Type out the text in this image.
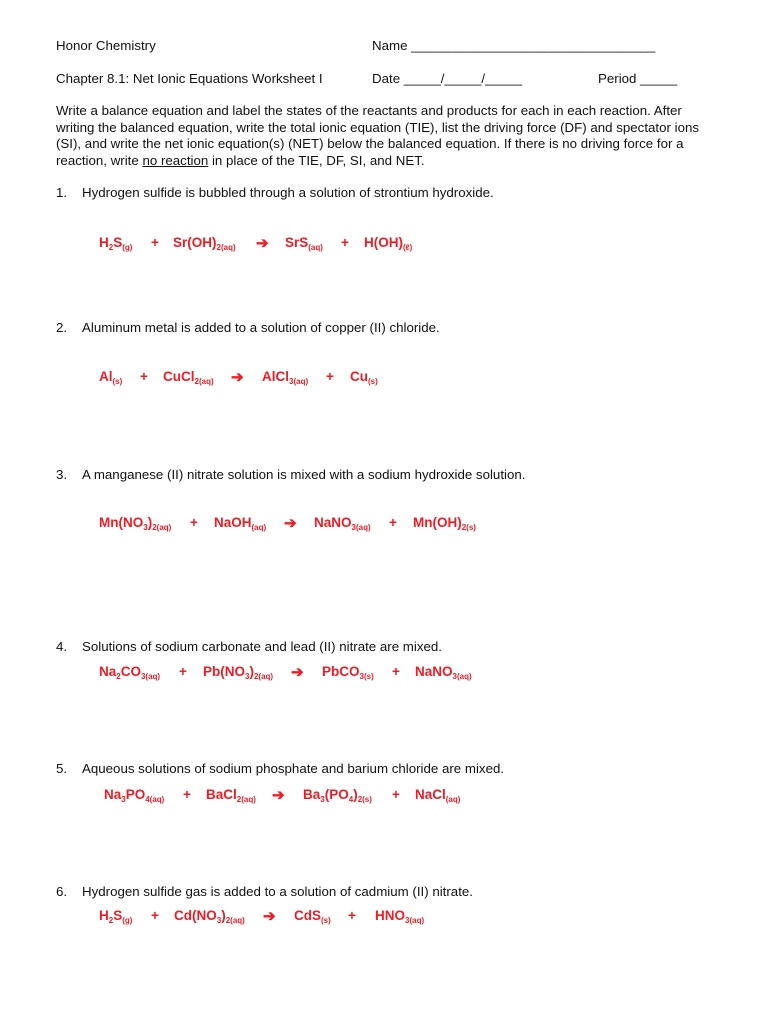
Honor Chemistry	Name _________________________________
Chapter 8.1: Net Ionic Equations Worksheet I	Date _____/_____/_____	Period _____
Write a balance equation and label the states of the reactants and products for each in each reaction. After writing the balanced equation, write the total ionic equation (TIE), list the driving force (DF) and spectator ions (SI), and write the net ionic equation(s) (NET) below the balanced equation. If there is no driving force for a reaction, write no reaction in place of the TIE, DF, SI, and NET.
1. Hydrogen sulfide is bubbled through a solution of strontium hydroxide.
$H_2S_{(g)} + Sr(OH)_{2(aq)}$ ➔ $SrS_{(aq)} + H(OH)_{(\ell)}$
2. Aluminum metal is added to a solution of copper (II) chloride.
$Al_{(s)}$ + CuCl$_{2(aq)}$ ➔ AlCl$_{3(aq)}$ + $Cu_{(s)}$
3. A manganese (II) nitrate solution is mixed with a sodium hydroxide solution.
$Mn(NO_3)_{2(aq)}$ + NaOH$_{(aq)}$ ➔ NaNO$_{3(aq)}$ + $Mn(OH)_{2(s)}$
4. Solutions of sodium carbonate and lead (II) nitrate are mixed.
$Na_2CO_{3(aq)} + Pb(NO_3)_{2(aq)}$ ➔ PbCO$_{3(s)}$ + NaNO$_{3(aq)}$
5. Aqueous solutions of sodium phosphate and barium chloride are mixed.
$Na_3PO_{4(aq)}$ + BaCl$_{2(aq)}$ ➔ $Ba_3(PO_4)_{2(s)}$ + NaCl$_{(aq)}$
6. Hydrogen sulfide gas is added to a solution of cadmium (II) nitrate.
$H_2S_{(g)} + Cd(NO_3)_{2(aq)}$ ➔ $CdS_{(s)} + HNO_{3(aq)}$
